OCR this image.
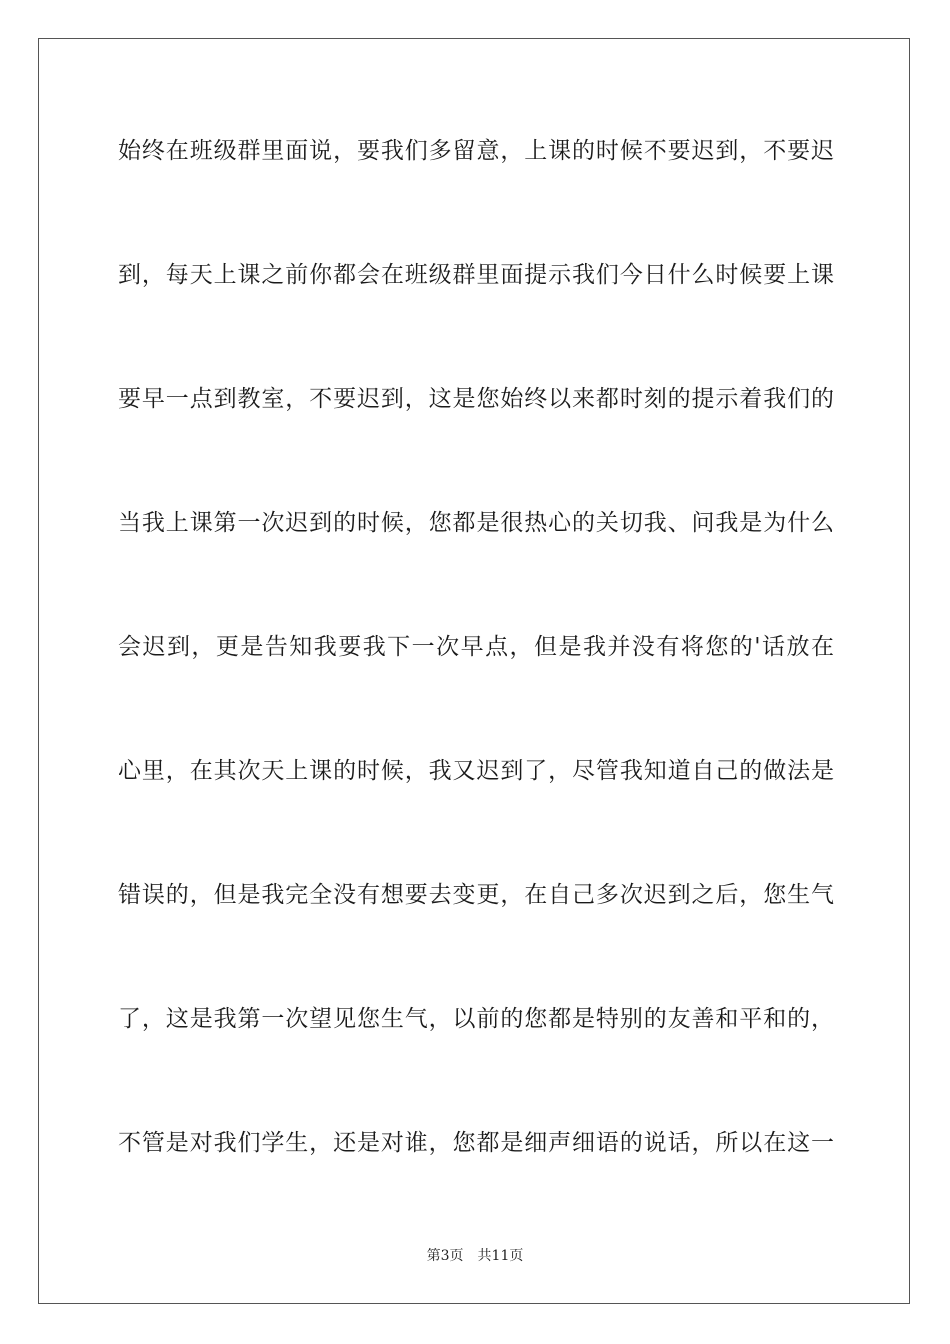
始终在班级群里面说，要我们多留意，上课的时候不要迟到，不要迟
到，每天上课之前你都会在班级群里面提示我们今日什么时候要上课
要早一点到教室，不要迟到，这是您始终以来都时刻的提示着我们的
当我上课第一次迟到的时候，您都是很热心的关切我、问我是为什么
会迟到，更是告知我要我下一次早点，但是我并没有将您的'话放在
心里，在其次天上课的时候，我又迟到了，尽管我知道自己的做法是
错误的，但是我完全没有想要去变更，在自己多次迟到之后，您生气
了，这是我第一次望见您生气，以前的您都是特别的友善和平和的，
不管是对我们学生，还是对谁，您都是细声细语的说话，所以在这一
第3页 共11页
